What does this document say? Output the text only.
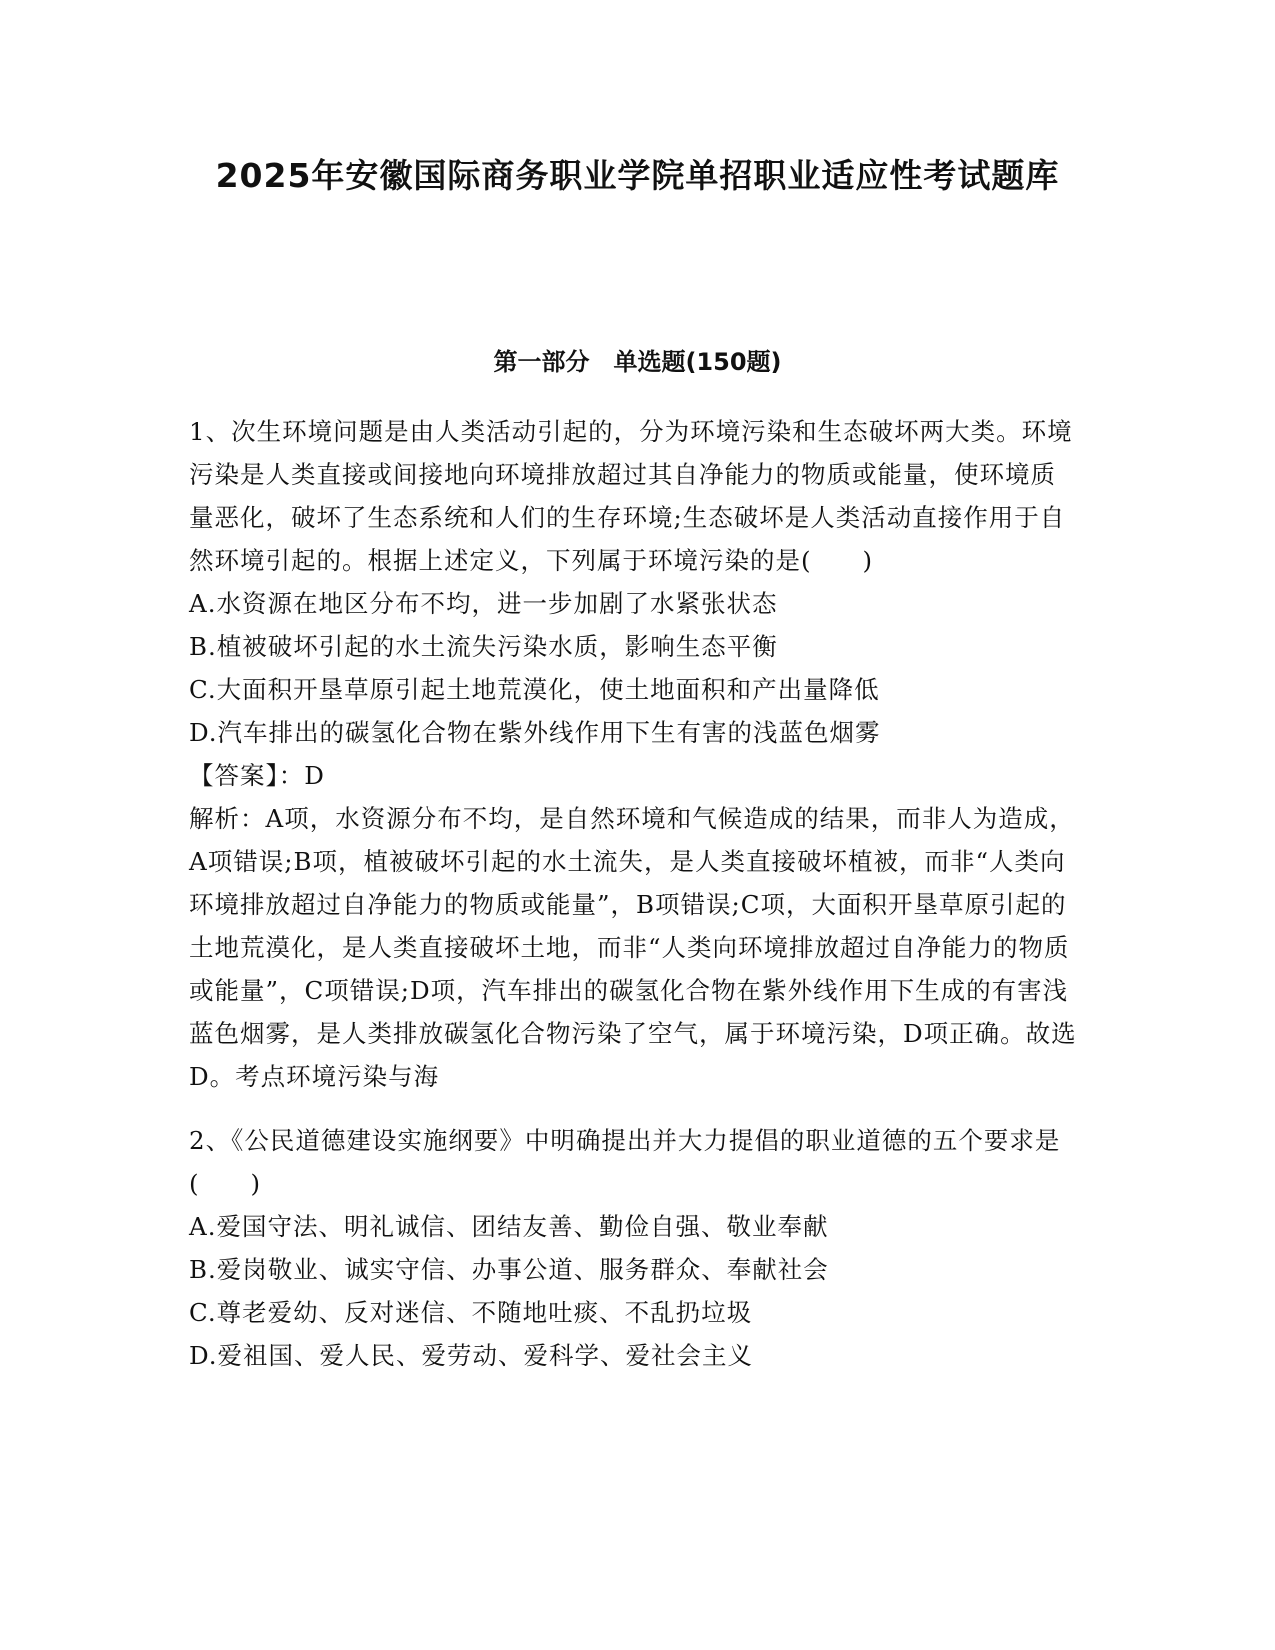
2025年安徽国际商务职业学院单招职业适应性考试题库
第一部分　单选题(150题)

1、次生环境问题是由人类活动引起的，分为环境污染和生态破坏两大类。环境污染是人类直接或间接地向环境排放超过其自净能力的物质或能量，使环境质量恶化，破坏了生态系统和人们的生存环境;生态破坏是人类活动直接作用于自然环境引起的。根据上述定义，下列属于环境污染的是(　　)

A.水资源在地区分布不均，进一步加剧了水紧张状态

B.植被破坏引起的水土流失污染水质，影响生态平衡

C.大面积开垦草原引起土地荒漠化，使土地面积和产出量降低

D.汽车排出的碳氢化合物在紫外线作用下生有害的浅蓝色烟雾

【答案】：D

解析：A项，水资源分布不均，是自然环境和气候造成的结果，而非人为造成，A项错误;B项，植被破坏引起的水土流失，是人类直接破坏植被，而非“人类向环境排放超过自净能力的物质或能量”，B项错误;C项，大面积开垦草原引起的土地荒漠化，是人类直接破坏土地，而非“人类向环境排放超过自净能力的物质或能量”，C项错误;D项，汽车排出的碳氢化合物在紫外线作用下生成的有害浅蓝色烟雾，是人类排放碳氢化合物污染了空气，属于环境污染，D项正确。故选D。考点环境污染与海

2、《公民道德建设实施纲要》中明确提出并大力提倡的职业道德的五个要求是(　　)

A.爱国守法、明礼诚信、团结友善、勤俭自强、敬业奉献

B.爱岗敬业、诚实守信、办事公道、服务群众、奉献社会

C.尊老爱幼、反对迷信、不随地吐痰、不乱扔垃圾

D.爱祖国、爱人民、爱劳动、爱科学、爱社会主义
